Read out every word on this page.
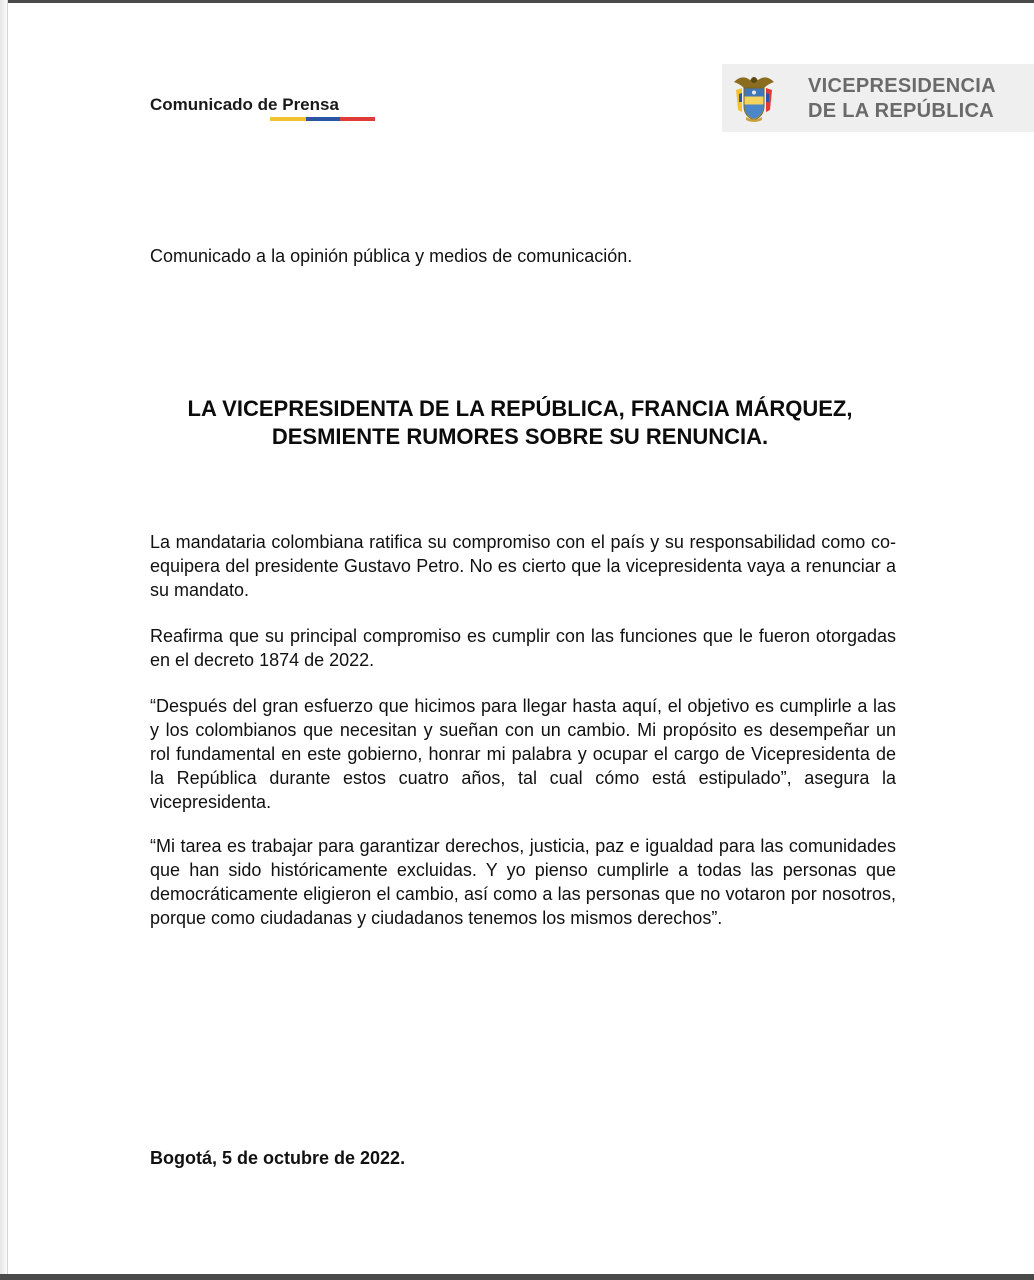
Comunicado de Prensa
VICEPRESIDENCIA
DE LA REPÚBLICA
Comunicado a la opinión pública y medios de comunicación.
LA VICEPRESIDENTA DE LA REPÚBLICA, FRANCIA MÁRQUEZ,
DESMIENTE RUMORES SOBRE SU RENUNCIA.
La mandataria colombiana ratifica su compromiso con el país y su responsabilidad como co-equipera del presidente Gustavo Petro. No es cierto que la vicepresidenta vaya a renunciar a su mandato.
Reafirma que su principal compromiso es cumplir con las funciones que le fueron otorgadas en el decreto 1874 de 2022.
“Después del gran esfuerzo que hicimos para llegar hasta aquí, el objetivo es cumplirle a las y los colombianos que necesitan y sueñan con un cambio. Mi propósito es desempeñar un rol fundamental en este gobierno, honrar mi palabra y ocupar el cargo de Vicepresidenta de la República durante estos cuatro años, tal cual cómo está estipulado”, asegura la vicepresidenta.
“Mi tarea es trabajar para garantizar derechos, justicia, paz e igualdad para las comunidades que han sido históricamente excluidas. Y yo pienso cumplirle a todas las personas que democráticamente eligieron el cambio, así como a las personas que no votaron por nosotros, porque como ciudadanas y ciudadanos tenemos los mismos derechos”.
Bogotá, 5 de octubre de 2022.
